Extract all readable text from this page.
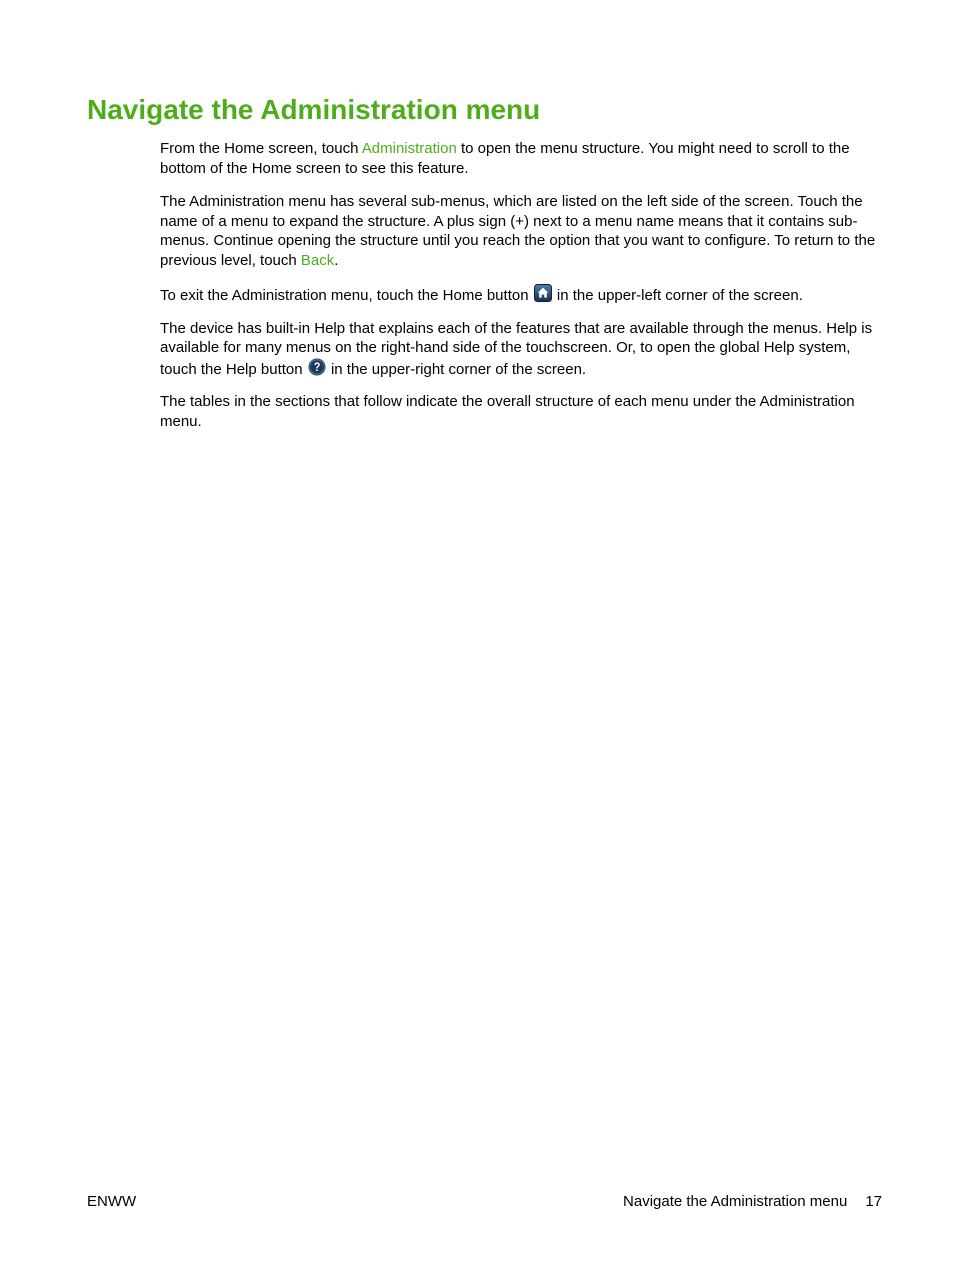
Navigate the Administration menu

From the Home screen, touch Administration to open the menu structure. You might need to scroll to the bottom of the Home screen to see this feature.

The Administration menu has several sub-menus, which are listed on the left side of the screen. Touch the name of a menu to expand the structure. A plus sign (+) next to a menu name means that it contains sub-menus. Continue opening the structure until you reach the option that you want to configure. To return to the previous level, touch Back.

To exit the Administration menu, touch the Home button
in the upper-left corner of the screen.

The device has built-in Help that explains each of the features that are available through the menus. Help is available for many menus on the right-hand side of the touchscreen. Or, to open the global Help system, touch the Help button
in the upper-right corner of the screen.

The tables in the sections that follow indicate the overall structure of each menu under the Administration menu.

ENWW	Navigate the Administration menu 17
